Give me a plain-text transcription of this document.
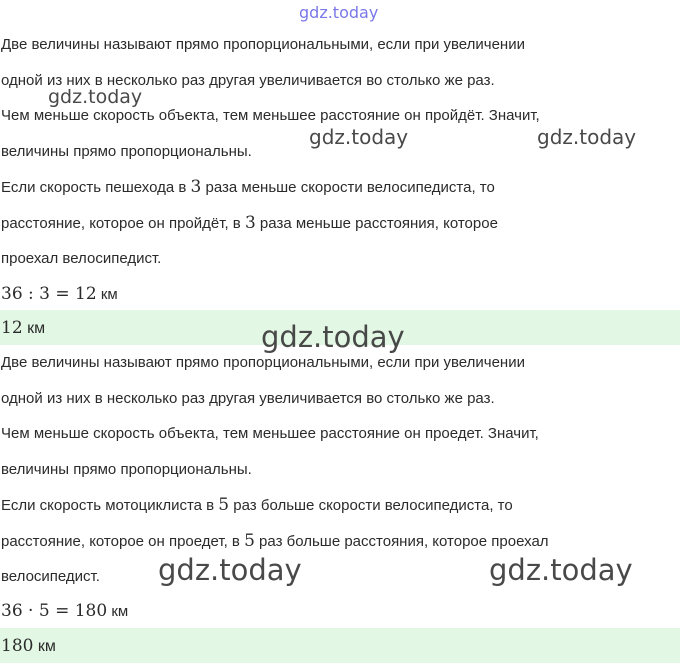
Две величины называют прямо пропорциональными, если при увеличении
одной из них в несколько раз другая увеличивается во столько же раз.
Чем меньше скорость объекта, тем меньшее расстояние он пройдёт. Значит,
величины прямо пропорциональны.
Если скорость пешехода в 3 раза меньше скорости велосипедиста, то
расстояние, которое он пройдёт, в 3 раза меньше расстояния, которое
проехал велосипедист.
36 : 3 = 12 км
12 км
Две величины называют прямо пропорциональными, если при увеличении
одной из них в несколько раз другая увеличивается во столько же раз.
Чем меньше скорость объекта, тем меньшее расстояние он проедет. Значит,
величины прямо пропорциональны.
Если скорость мотоциклиста в 5 раз больше скорости велосипедиста, то
расстояние, которое он проедет, в 5 раз больше расстояния, которое проехал
велосипедист.
36 · 5 = 180 км
180 км
gdz.today
gdz.today
gdz.today	gdz.today
gdz.today
gdz.today	gdz.today
